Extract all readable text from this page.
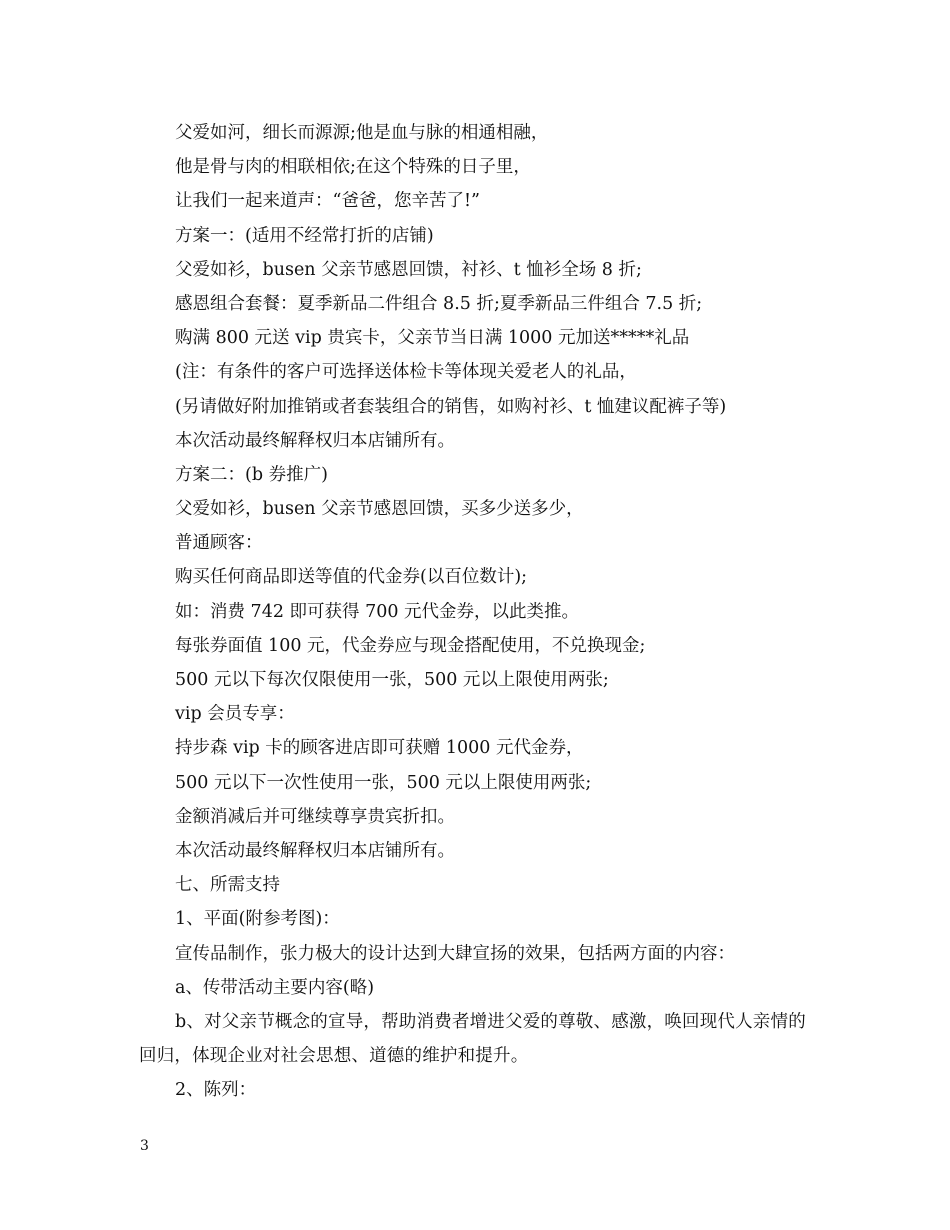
父爱如河，细长而源源;他是血与脉的相通相融，
他是骨与肉的相联相依;在这个特殊的日子里，
让我们一起来道声：“爸爸，您辛苦了!”
方案一：(适用不经常打折的店铺)
父爱如衫，busen 父亲节感恩回馈，衬衫、t 恤衫全场 8 折;
感恩组合套餐：夏季新品二件组合 8.5 折;夏季新品三件组合 7.5 折;
购满 800 元送 vip 贵宾卡，父亲节当日满 1000 元加送*****礼品
(注：有条件的客户可选择送体检卡等体现关爱老人的礼品，
(另请做好附加推销或者套装组合的销售，如购衬衫、t 恤建议配裤子等)
本次活动最终解释权归本店铺所有。
方案二：(b 券推广)
父爱如衫，busen 父亲节感恩回馈，买多少送多少，
普通顾客：
购买任何商品即送等值的代金券(以百位数计);
如：消费 742 即可获得 700 元代金券，以此类推。
每张券面值 100 元，代金券应与现金搭配使用，不兑换现金;
500 元以下每次仅限使用一张，500 元以上限使用两张;
vip 会员专享：
持步森 vip 卡的顾客进店即可获赠 1000 元代金券，
500 元以下一次性使用一张，500 元以上限使用两张;
金额消减后并可继续尊享贵宾折扣。
本次活动最终解释权归本店铺所有。
七、所需支持
1、平面(附参考图)：
宣传品制作，张力极大的设计达到大肆宣扬的效果，包括两方面的内容：
a、传带活动主要内容(略)
b、对父亲节概念的宣导，帮助消费者增进父爱的尊敬、感激，唤回现代人亲情的回归，体现企业对社会思想、道德的维护和提升。
2、陈列：
3
